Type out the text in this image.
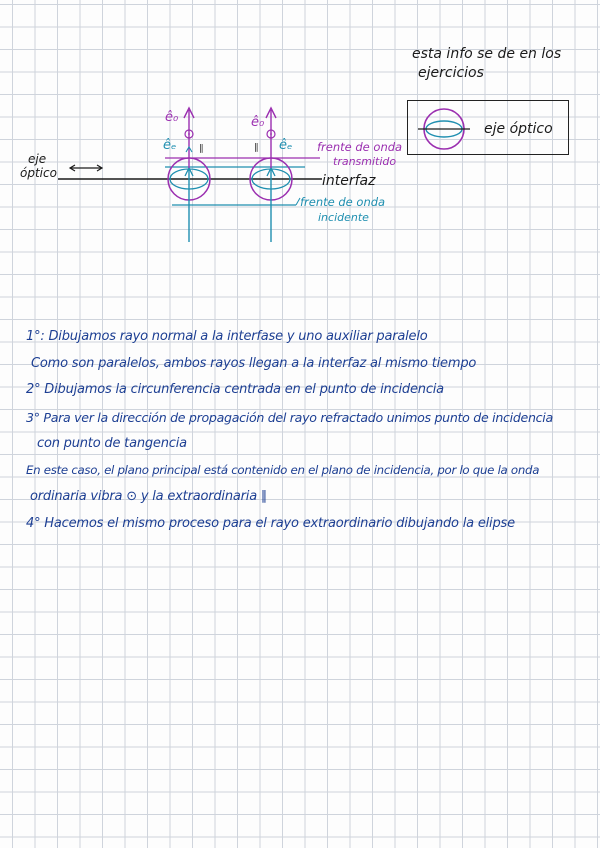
esta info se de en los
ejercicios
eje óptico
eje
óptico
ê₀
êₑ	∥
ê₀
∥ êₑ frente de onda
transmitido
interfaz
frente de onda
incidente
1°: Dibujamos rayo normal a la interfase y uno auxiliar paralelo
Como son paralelos, ambos rayos llegan a la interfaz al mismo tiempo
2° Dibujamos la circunferencia centrada en el punto de incidencia
3° Para ver la dirección de propagación del rayo refractado unimos punto de incidencia
con punto de tangencia
En este caso, el plano principal está contenido en el plano de incidencia, por lo que la onda
ordinaria vibra ⊙ y la extraordinaria ∥
4° Hacemos el mismo proceso para el rayo extraordinario dibujando la elipse
